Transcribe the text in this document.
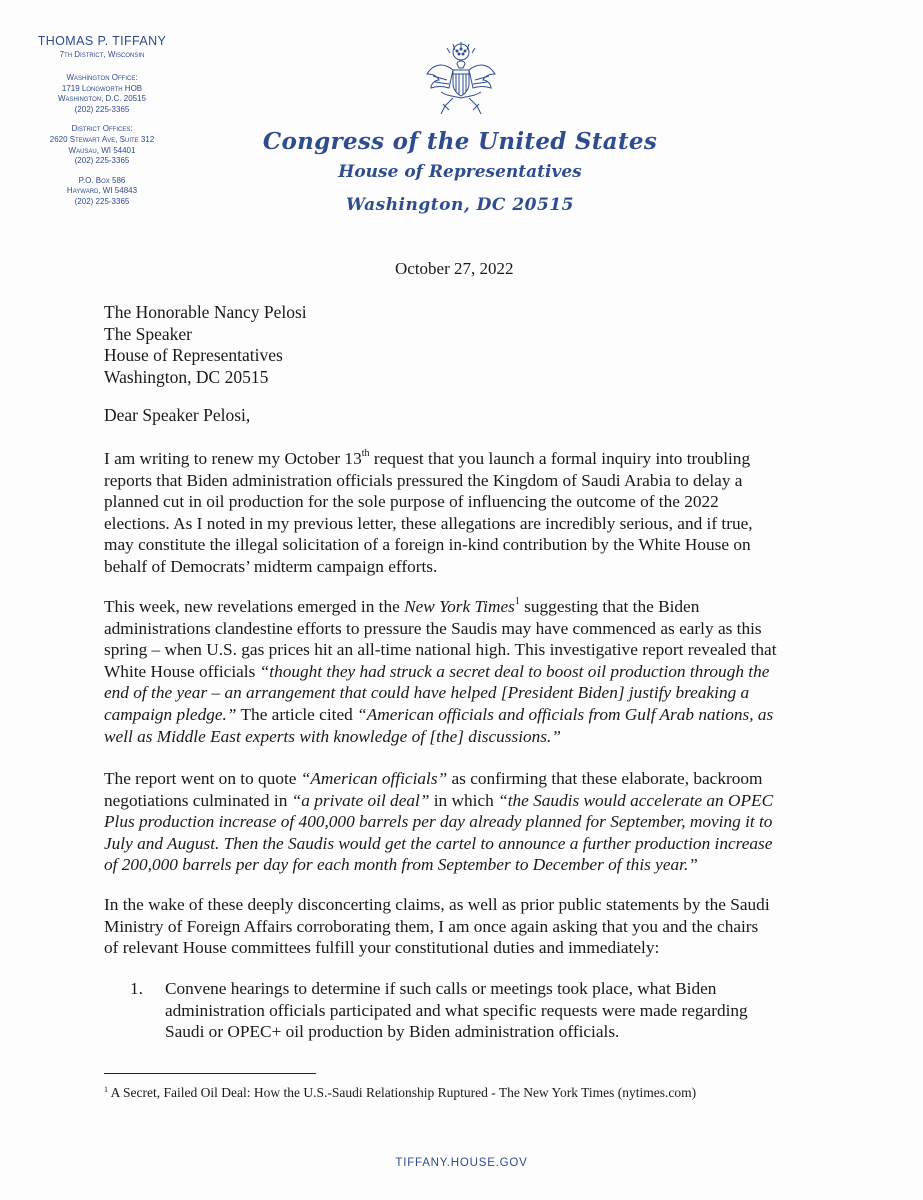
THOMAS P. TIFFANY
7th District, Wisconsin
Washington Office:
1719 Longworth HOB
Washington, D.C. 20515
(202) 225-3365
District Offices:
2620 Stewart Ave, Suite 312
Wausau, WI 54401
(202) 225-3365
P.O. Box 586
Hayward, WI 54843
(202) 225-3365
Congress of the United States
House of Representatives
Washington, DC 20515
October 27, 2022
The Honorable Nancy Pelosi
The Speaker
House of Representatives
Washington, DC 20515
Dear Speaker Pelosi,
I am writing to renew my October 13th request that you launch a formal inquiry into troubling
reports that Biden administration officials pressured the Kingdom of Saudi Arabia to delay a
planned cut in oil production for the sole purpose of influencing the outcome of the 2022
elections. As I noted in my previous letter, these allegations are incredibly serious, and if true,
may constitute the illegal solicitation of a foreign in-kind contribution by the White House on
behalf of Democrats’ midterm campaign efforts.
This week, new revelations emerged in the New York Times$^1$ suggesting that the Biden
administrations clandestine efforts to pressure the Saudis may have commenced as early as this
spring – when U.S. gas prices hit an all-time national high. This investigative report revealed that
White House officials “thought they had struck a secret deal to boost oil production through the
end of the year – an arrangement that could have helped [President Biden] justify breaking a
campaign pledge.” The article cited “American officials and officials from Gulf Arab nations, as
well as Middle East experts with knowledge of [the] discussions.”
The report went on to quote “American officials” as confirming that these elaborate, backroom
negotiations culminated in “a private oil deal” in which “the Saudis would accelerate an OPEC
Plus production increase of 400,000 barrels per day already planned for September, moving it to
July and August. Then the Saudis would get the cartel to announce a further production increase
of 200,000 barrels per day for each month from September to December of this year.”
In the wake of these deeply disconcerting claims, as well as prior public statements by the Saudi
Ministry of Foreign Affairs corroborating them, I am once again asking that you and the chairs
of relevant House committees fulfill your constitutional duties and immediately:
1. Convene hearings to determine if such calls or meetings took place, what Biden
administration officials participated and what specific requests were made regarding
Saudi or OPEC+ oil production by Biden administration officials.
$^1$ A Secret, Failed Oil Deal: How the U.S.-Saudi Relationship Ruptured - The New York Times (nytimes.com)
TIFFANY.HOUSE.GOV
